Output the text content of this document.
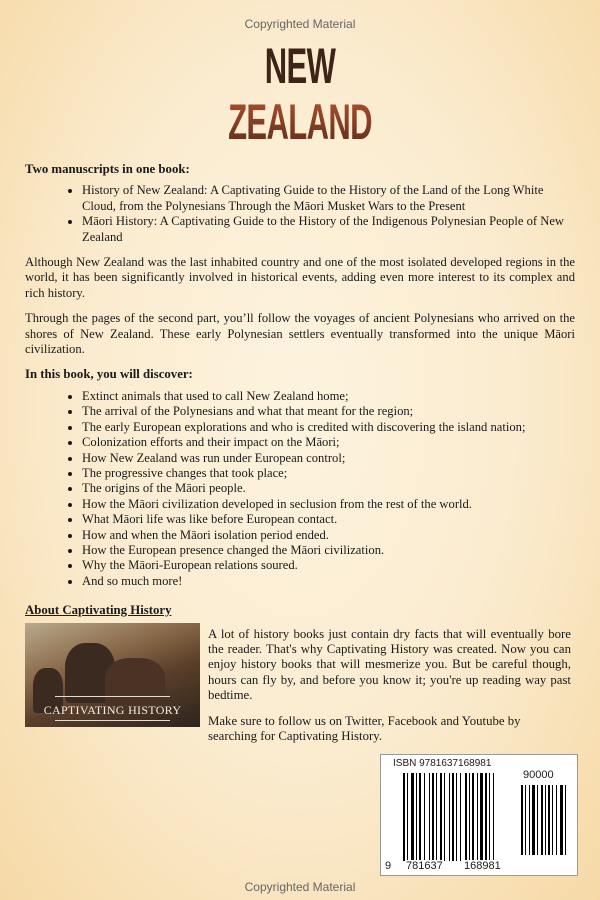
Copyrighted Material
NEW
ZEALAND
Two manuscripts in one book:
• History of New Zealand: A Captivating Guide to the History of the Land of the Long White Cloud, from the Polynesians Through the Māori Musket Wars to the Present
• Māori History: A Captivating Guide to the History of the Indigenous Polynesian People of New Zealand

Although New Zealand was the last inhabited country and one of the most isolated developed regions in the world, it has been significantly involved in historical events, adding even more interest to its complex and rich history.

Through the pages of the second part, you’ll follow the voyages of ancient Polynesians who arrived on the shores of New Zealand. These early Polynesian settlers eventually transformed into the unique Māori civilization.

In this book, you will discover:
• Extinct animals that used to call New Zealand home;
• The arrival of the Polynesians and what that meant for the region;
• The early European explorations and who is credited with discovering the island nation;
• Colonization efforts and their impact on the Māori;
• How New Zealand was run under European control;
• The progressive changes that took place;
• The origins of the Māori people.
• How the Māori civilization developed in seclusion from the rest of the world.
• What Māori life was like before European contact.
• How and when the Māori isolation period ended.
• How the European presence changed the Māori civilization.
• Why the Māori-European relations soured.
• And so much more!
About Captivating History
CAPTIVATING HISTORY

A lot of history books just contain dry facts that will eventually bore the reader. That's why Captivating History was created. Now you can enjoy history books that will mesmerize you. But be careful though, hours can fly by, and before you know it; you're up reading way past bedtime.

Make sure to follow us on Twitter, Facebook and Youtube by searching for Captivating History.

ISBN 9781637168981
90000
9 781637 168981
Copyrighted Material
